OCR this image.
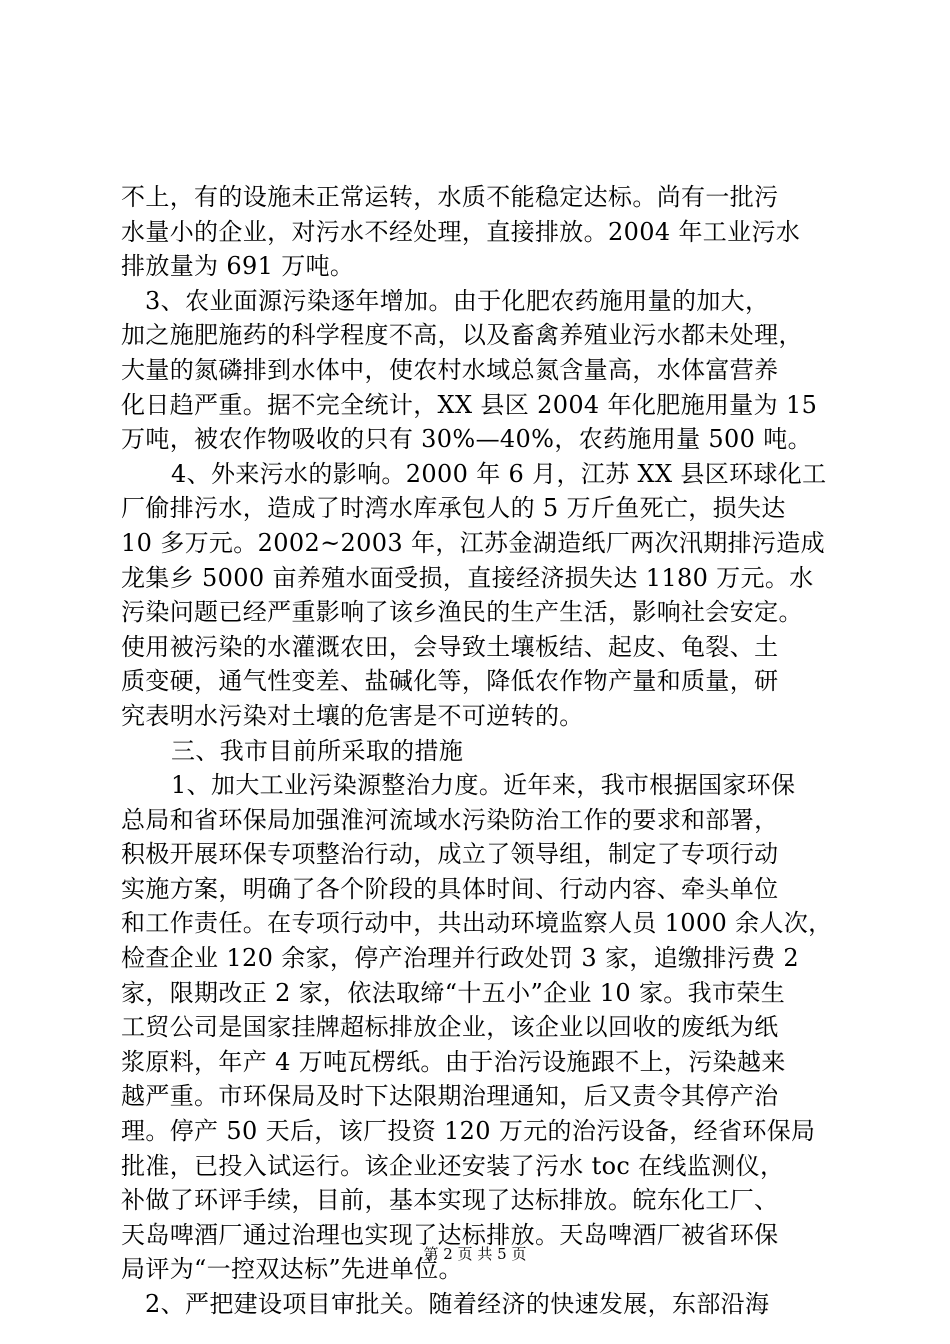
不上，有的设施未正常运转，水质不能稳定达标。尚有一批污
水量小的企业，对污水不经处理，直接排放。2004 年工业污水
排放量为 691 万吨。
3、农业面源污染逐年增加。由于化肥农药施用量的加大，
加之施肥施药的科学程度不高，以及畜禽养殖业污水都未处理，
大量的氮磷排到水体中，使农村水域总氮含量高，水体富营养
化日趋严重。据不完全统计，XX 县区 2004 年化肥施用量为 15
万吨，被农作物吸收的只有 30%—40%，农药施用量 500 吨。
4、外来污水的影响。2000 年 6 月，江苏 XX 县区环球化工
厂偷排污水，造成了时湾水库承包人的 5 万斤鱼死亡，损失达
10 多万元。2002~2003 年，江苏金湖造纸厂两次汛期排污造成
龙集乡 5000 亩养殖水面受损，直接经济损失达 1180 万元。水
污染问题已经严重影响了该乡渔民的生产生活，影响社会安定。
使用被污染的水灌溉农田，会导致土壤板结、起皮、龟裂、土
质变硬，通气性变差、盐碱化等，降低农作物产量和质量，研
究表明水污染对土壤的危害是不可逆转的。
三、我市目前所采取的措施
1、加大工业污染源整治力度。近年来，我市根据国家环保
总局和省环保局加强淮河流域水污染防治工作的要求和部署，
积极开展环保专项整治行动，成立了领导组，制定了专项行动
实施方案，明确了各个阶段的具体时间、行动内容、牵头单位
和工作责任。在专项行动中，共出动环境监察人员 1000 余人次，
检查企业 120 余家，停产治理并行政处罚 3 家，追缴排污费 2
家，限期改正 2 家，依法取缔“十五小”企业 10 家。我市荣生
工贸公司是国家挂牌超标排放企业，该企业以回收的废纸为纸
浆原料，年产 4 万吨瓦楞纸。由于治污设施跟不上，污染越来
越严重。市环保局及时下达限期治理通知，后又责令其停产治
理。停产 50 天后，该厂投资 120 万元的治污设备，经省环保局
批准，已投入试运行。该企业还安装了污水 toc 在线监测仪，
补做了环评手续，目前，基本实现了达标排放。皖东化工厂、
天岛啤酒厂通过治理也实现了达标排放。天岛啤酒厂被省环保
局评为“一控双达标”先进单位。
2、严把建设项目审批关。随着经济的快速发展，东部沿海
第 2 页 共 5 页
